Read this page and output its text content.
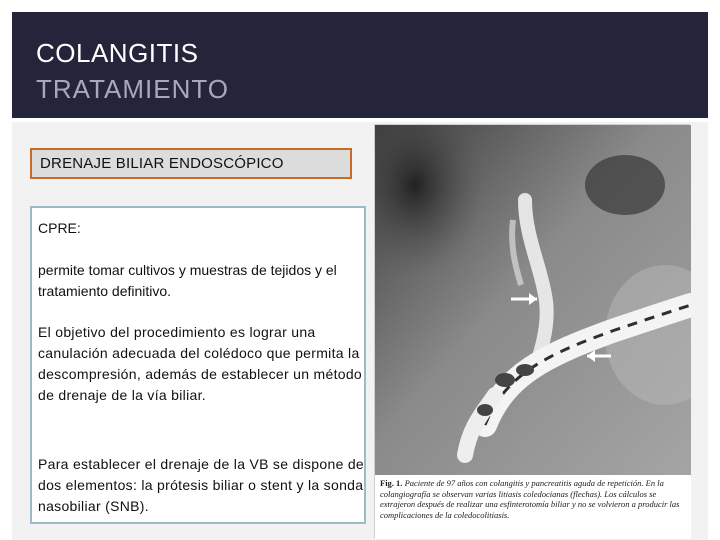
COLANGITIS
TRATAMIENTO
DRENAJE BILIAR ENDOSCÓPICO

CPRE:

permite tomar cultivos y muestras de tejidos y el tratamiento definitivo.

El objetivo del procedimiento es lograr una canulación adecuada del colédoco que permita la descompresión, además de establecer un método de drenaje de la vía biliar.

Para establecer el drenaje de la VB se dispone de dos elementos: la prótesis biliar o stent y la sonda nasobiliar (SNB).

Fig. 1. Paciente de 97 años con colangitis y pancreatitis aguda de repetición. En la colangiografía se observan varias litiasis coledocianas (flechas). Los cálculos se extrajeron después de realizar una esfinterotomía biliar y no se volvieron a producir las complicaciones de la coledocolitiasis.
